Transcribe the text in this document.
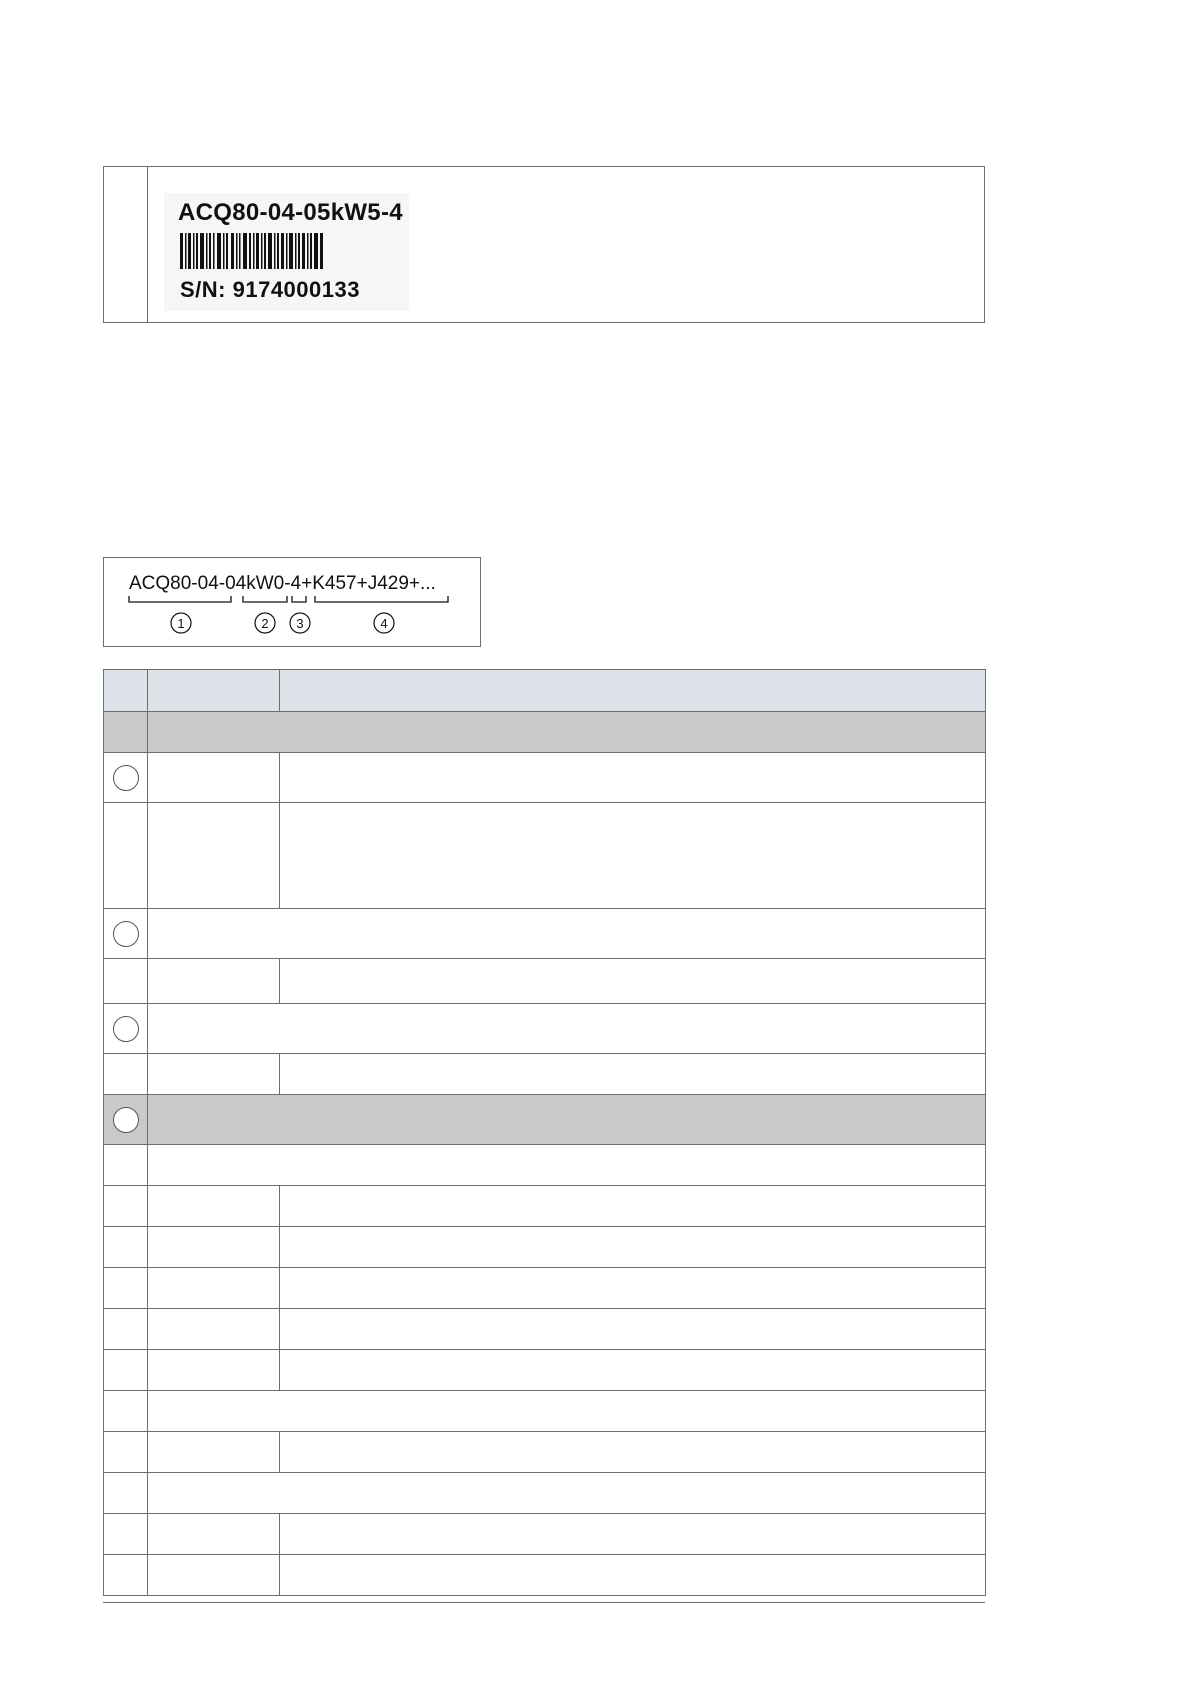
ACQ80-04-05kW5-4
S/N: 9174000133
ACQ80-04-04kW0-4+K457+J429+...
1	2 3	4
